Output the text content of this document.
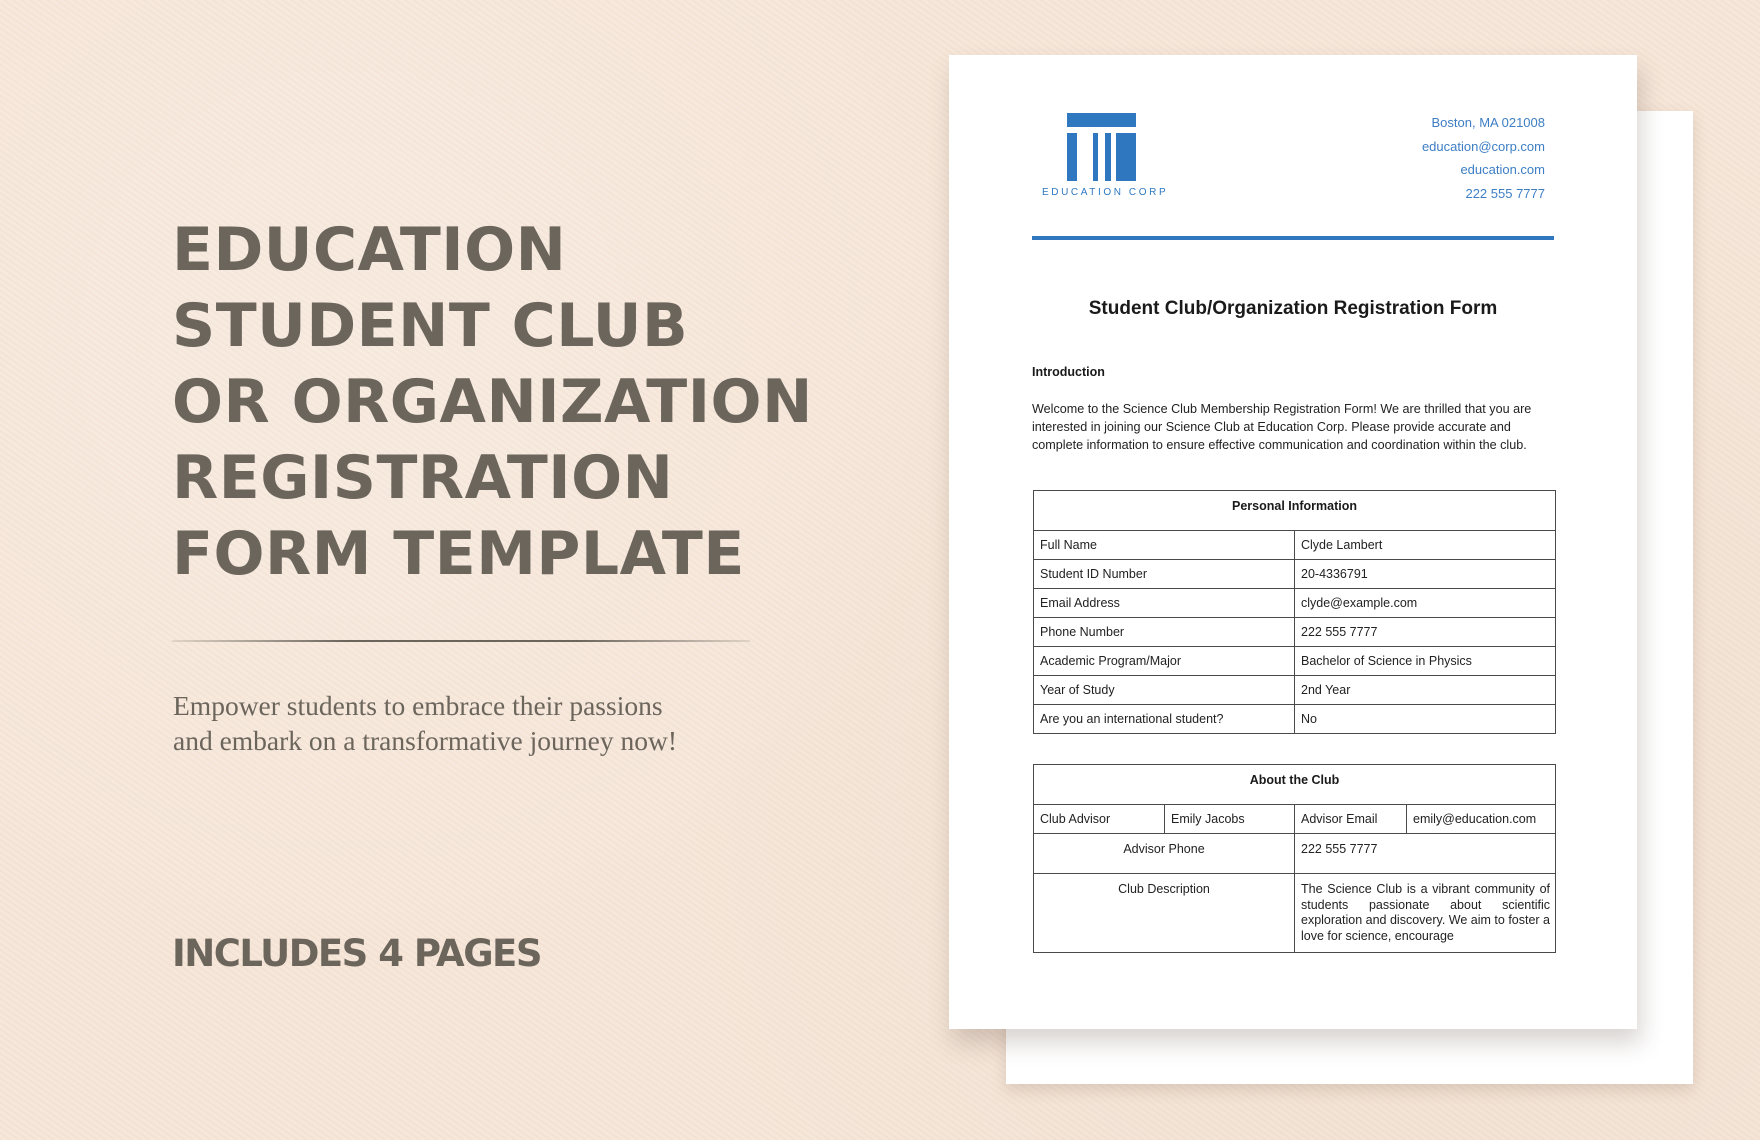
EDUCATION
STUDENT CLUB
OR ORGANIZATION
REGISTRATION
FORM TEMPLATE
Empower students to embrace their passions
and embark on a transformative journey now!
INCLUDES 4 PAGES
EDUCATION CORP
Boston, MA 021008
education@corp.com
education.com
222 555 7777
Student Club/Organization Registration Form
Introduction
Welcome to the Science Club Membership Registration Form! We are thrilled that you are interested in joining our Science Club at Education Corp. Please provide accurate and complete information to ensure effective communication and coordination within the club.
Personal Information	
Full Name	Clyde Lambert
Student ID Number	20-4336791
Email Address	clyde@example.com
Phone Number	222 555 7777
Academic Program/Major	Bachelor of Science in Physics
Year of Study	2nd Year
Are you an international student?	No
About the Club			
Club Advisor	Emily Jacobs	Advisor Email	emily@education.com
Advisor Phone		222 555 7777	
Club Description		The Science Club is a vibrant community of students passionate about scientific exploration and discovery. We aim to foster a love for science, encourage	
